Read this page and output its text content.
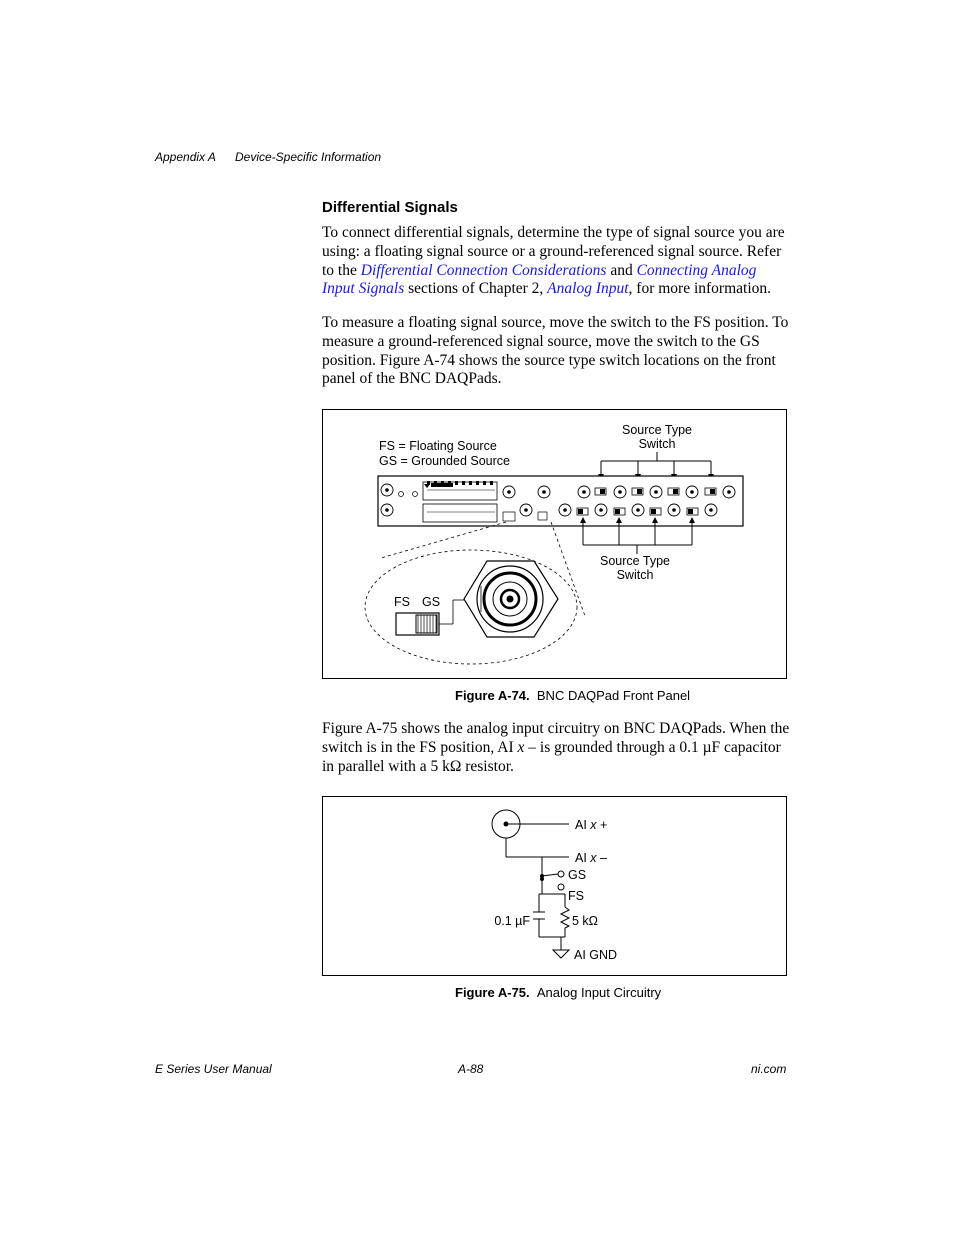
Appendix A Device-Specific Information
Differential Signals

To connect differential signals, determine the type of signal source you are using: a floating signal source or a ground-referenced signal source. Refer to the Differential Connection Considerations and Connecting Analog Input Signals sections of Chapter 2, Analog Input, for more information.

To measure a floating signal source, move the switch to the FS position. To measure a ground-referenced signal source, move the switch to the GS position. Figure A-74 shows the source type switch locations on the front panel of the BNC DAQPads.

FS = Floating Source
GS = Grounded Source
Source Type
Switch
Source Type
Switch
FS GS
Figure A-74. BNC DAQPad Front Panel

Figure A-75 shows the analog input circuitry on BNC DAQPads. When the switch is in the FS position, AI x – is grounded through a 0.1 µF capacitor in parallel with a 5 kΩ resistor.

AI x +
AI x –
GS
FS
0.1 µF	5 kΩ
AI GND
Figure A-75. Analog Input Circuitry
E Series User Manual	A-88	ni.com
